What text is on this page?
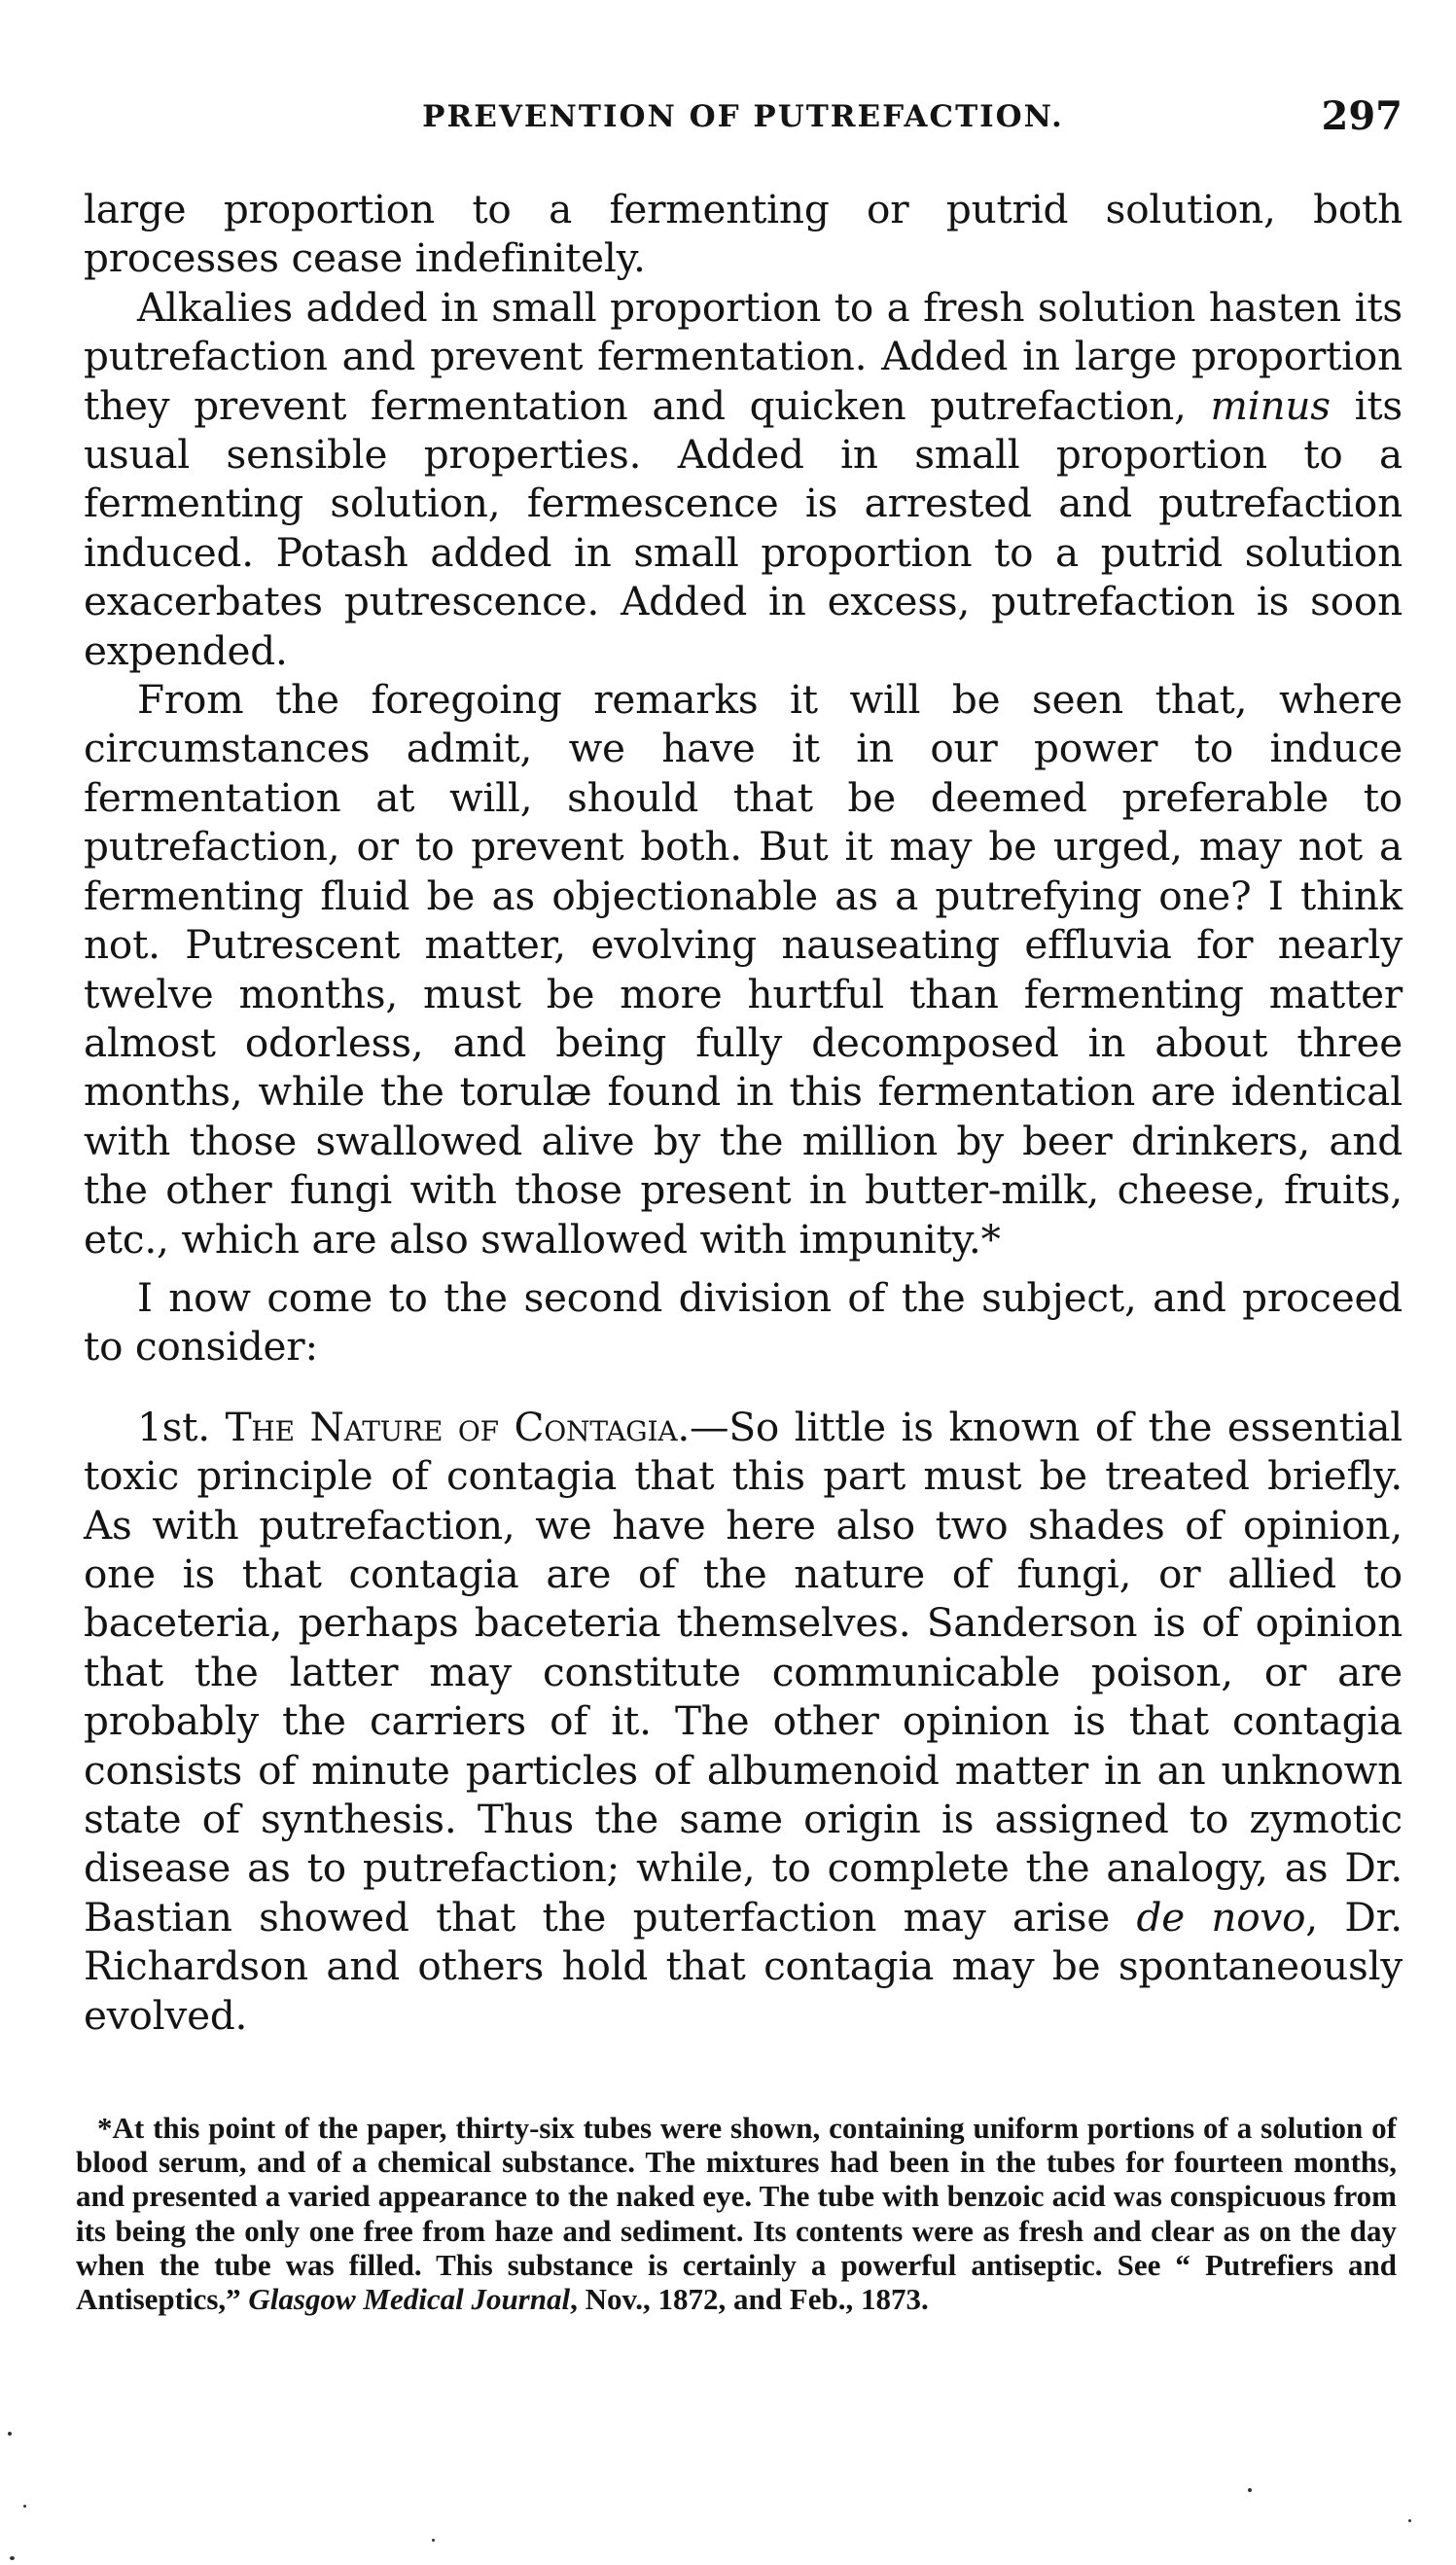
PREVENTION OF PUTREFACTION.	297

large proportion to a fermenting or putrid solution, both processes cease indefinitely.

Alkalies added in small proportion to a fresh solution hasten its putrefaction and prevent fermentation. Added in large proportion they prevent fermentation and quicken putrefaction, minus its usual sensible properties. Added in small proportion to a fermenting solution, fermescence is arrested and putrefaction induced. Potash added in small proportion to a putrid solution exacerbates putrescence. Added in excess, putrefaction is soon expended.

From the foregoing remarks it will be seen that, where circumstances admit, we have it in our power to induce fermentation at will, should that be deemed preferable to putrefaction, or to prevent both. But it may be urged, may not a fermenting fluid be as objectionable as a putrefying one? I think not. Putrescent matter, evolving nauseating effluvia for nearly twelve months, must be more hurtful than fermenting matter almost odorless, and being fully decomposed in about three months, while the torulæ found in this fermentation are identical with those swallowed alive by the million by beer drinkers, and the other fungi with those present in butter-milk, cheese, fruits, etc., which are also swallowed with impunity.*

I now come to the second division of the subject, and proceed to consider:

1st. The Nature of Contagia.—So little is known of the essential toxic principle of contagia that this part must be treated briefly. As with putrefaction, we have here also two shades of opinion, one is that contagia are of the nature of fungi, or allied to baceteria, perhaps baceteria themselves. Sanderson is of opinion that the latter may constitute communicable poison, or are probably the carriers of it. The other opinion is that contagia consists of minute particles of albumenoid matter in an unknown state of synthesis. Thus the same origin is assigned to zymotic disease as to putrefaction; while, to complete the analogy, as Dr. Bastian showed that the puterfaction may arise de novo, Dr. Richardson and others hold that contagia may be spontaneously evolved.

*At this point of the paper, thirty-six tubes were shown, containing uniform portions of a solution of blood serum, and of a chemical substance. The mixtures had been in the tubes for fourteen months, and presented a varied appearance to the naked eye. The tube with benzoic acid was conspicuous from its being the only one free from haze and sediment. Its contents were as fresh and clear as on the day when the tube was filled. This substance is certainly a powerful antiseptic. See “ Putrefiers and Antiseptics,” Glasgow Medical Journal, Nov., 1872, and Feb., 1873.
